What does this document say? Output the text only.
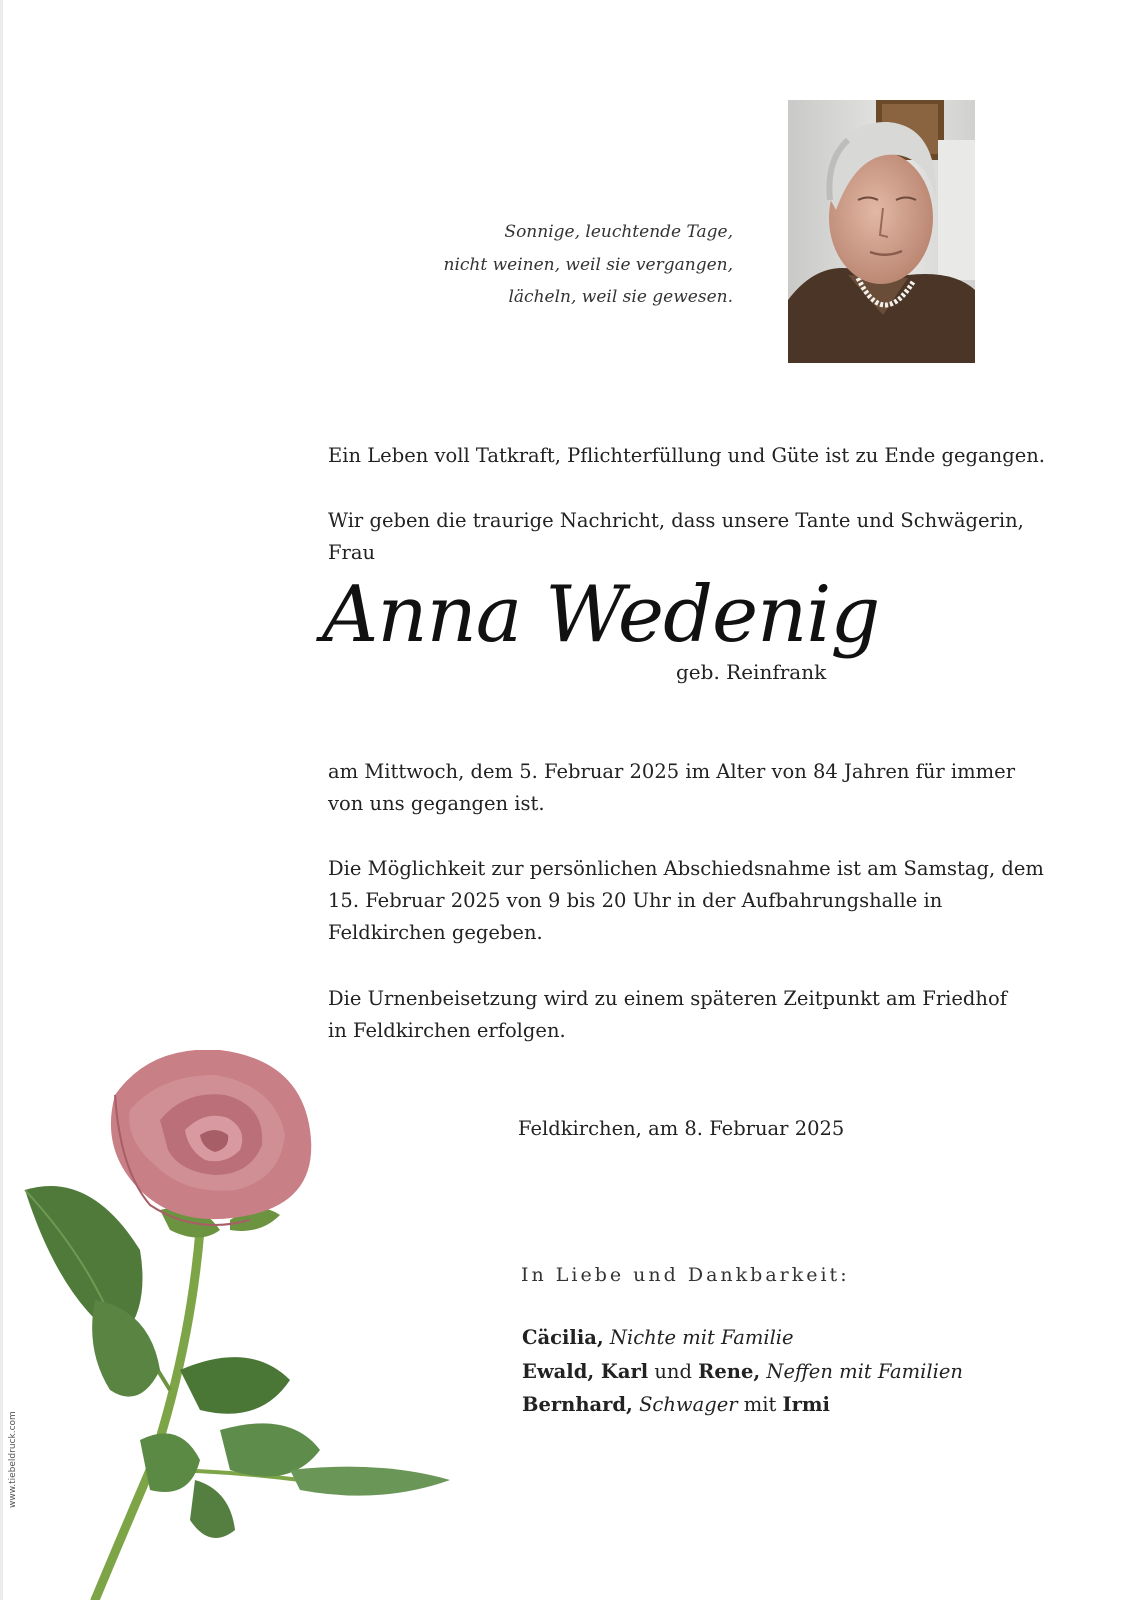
Sonnige, leuchtende Tage,
nicht weinen, weil sie vergangen,
lächeln, weil sie gewesen.
Ein Leben voll Tatkraft, Pflichterfüllung und Güte ist zu Ende gegangen.
Wir geben die traurige Nachricht, dass unsere Tante und Schwägerin,
Frau
Anna Wedenig
geb. Reinfrank
am Mittwoch, dem 5. Februar 2025 im Alter von 84 Jahren für immer
von uns gegangen ist.
Die Möglichkeit zur persönlichen Abschiedsnahme ist am Samstag, dem
15. Februar 2025 von 9 bis 20 Uhr in der Aufbahrungshalle in
Feldkirchen gegeben.
Die Urnenbeisetzung wird zu einem späteren Zeitpunkt am Friedhof
in Feldkirchen erfolgen.
Feldkirchen, am 8. Februar 2025
In Liebe und Dankbarkeit:
Cäcilia, Nichte mit Familie
Ewald, Karl und Rene, Neffen mit Familien
Bernhard, Schwager mit Irmi
www.tiebeldruck.com
